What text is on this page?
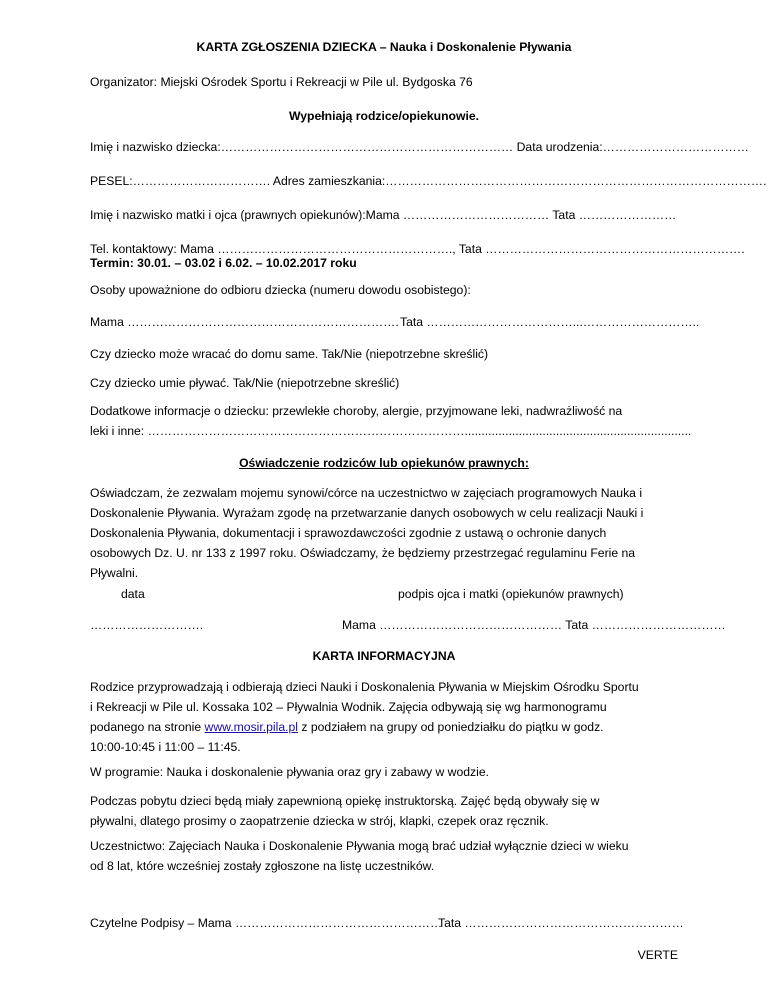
KARTA ZGŁOSZENIA DZIECKA – Nauka i Doskonalenie Pływania
Organizator: Miejski Ośrodek Sportu i Rekreacji w Pile ul. Bydgoska 76
Wypełniają rodzice/opiekunowie.
Imię i nazwisko dziecka:……………………………………………………………… Data urodzenia:………………………………
PESEL:……………………………. Adres zamieszkania:………………………………………………………………………………….
Imię i nazwisko matki i ojca (prawnych opiekunów):Mama ……………………………… Tata ……………………
Tel. kontaktowy: Mama …………………………………………………., Tata ……………………………………………………….
Termin: 30.01. – 03.02 i 6.02. – 10.02.2017 roku
Osoby upoważnione do odbioru dziecka (numeru dowodu osobistego):
Mama …………………………………………………………. Tata ………………………………...………………………..
Czy dziecko może wracać do domu same. Tak/Nie (niepotrzebne skreślić)
Czy dziecko umie pływać. Tak/Nie (niepotrzebne skreślić)
Dodatkowe informacje o dziecku: przewlekłe choroby, alergie, przyjmowane leki, nadwrażliwość na
leki i inne: ……………………………………………………………………...................................................................
Oświadczenie rodziców lub opiekunów prawnych:
Oświadczam, że zezwalam mojemu synowi/córce na uczestnictwo w zajęciach programowych Nauka i
Doskonalenie Pływania. Wyrażam zgodę na przetwarzanie danych osobowych w celu realizacji Nauki i
Doskonalenia Pływania, dokumentacji i sprawozdawczości zgodnie z ustawą o ochronie danych
osobowych Dz. U. nr 133 z 1997 roku. Oświadczamy, że będziemy przestrzegać regulaminu Ferie na
Pływalni.
data	podpis ojca i matki (opiekunów prawnych)
……………………….	Mama ……………………………………… Tata ……………………………
KARTA INFORMACYJNA
Rodzice przyprowadzają i odbierają dzieci Nauki i Doskonalenia Pływania w Miejskim Ośrodku Sportu
i Rekreacji w Pile ul. Kossaka 102 – Pływalnia Wodnik. Zajęcia odbywają się wg harmonogramu
podanego na stronie www.mosir.pila.pl z podziałem na grupy od poniedziałku do piątku w godz.
10:00-10:45 i 11:00 – 11:45.
W programie: Nauka i doskonalenie pływania oraz gry i zabawy w wodzie.
Podczas pobytu dzieci będą miały zapewnioną opiekę instruktorską. Zajęć będą obywały się w
pływalni, dlatego prosimy o zaopatrzenie dziecka w strój, klapki, czepek oraz ręcznik.
Uczestnictwo: Zajęciach Nauka i Doskonalenie Pływania mogą brać udział wyłącznie dzieci w wieku
od 8 lat, które wcześniej zostały zgłoszone na listę uczestników.
Czytelne Podpisy – Mama ……………………………………………
Tata ………………………………………………
VERTE
